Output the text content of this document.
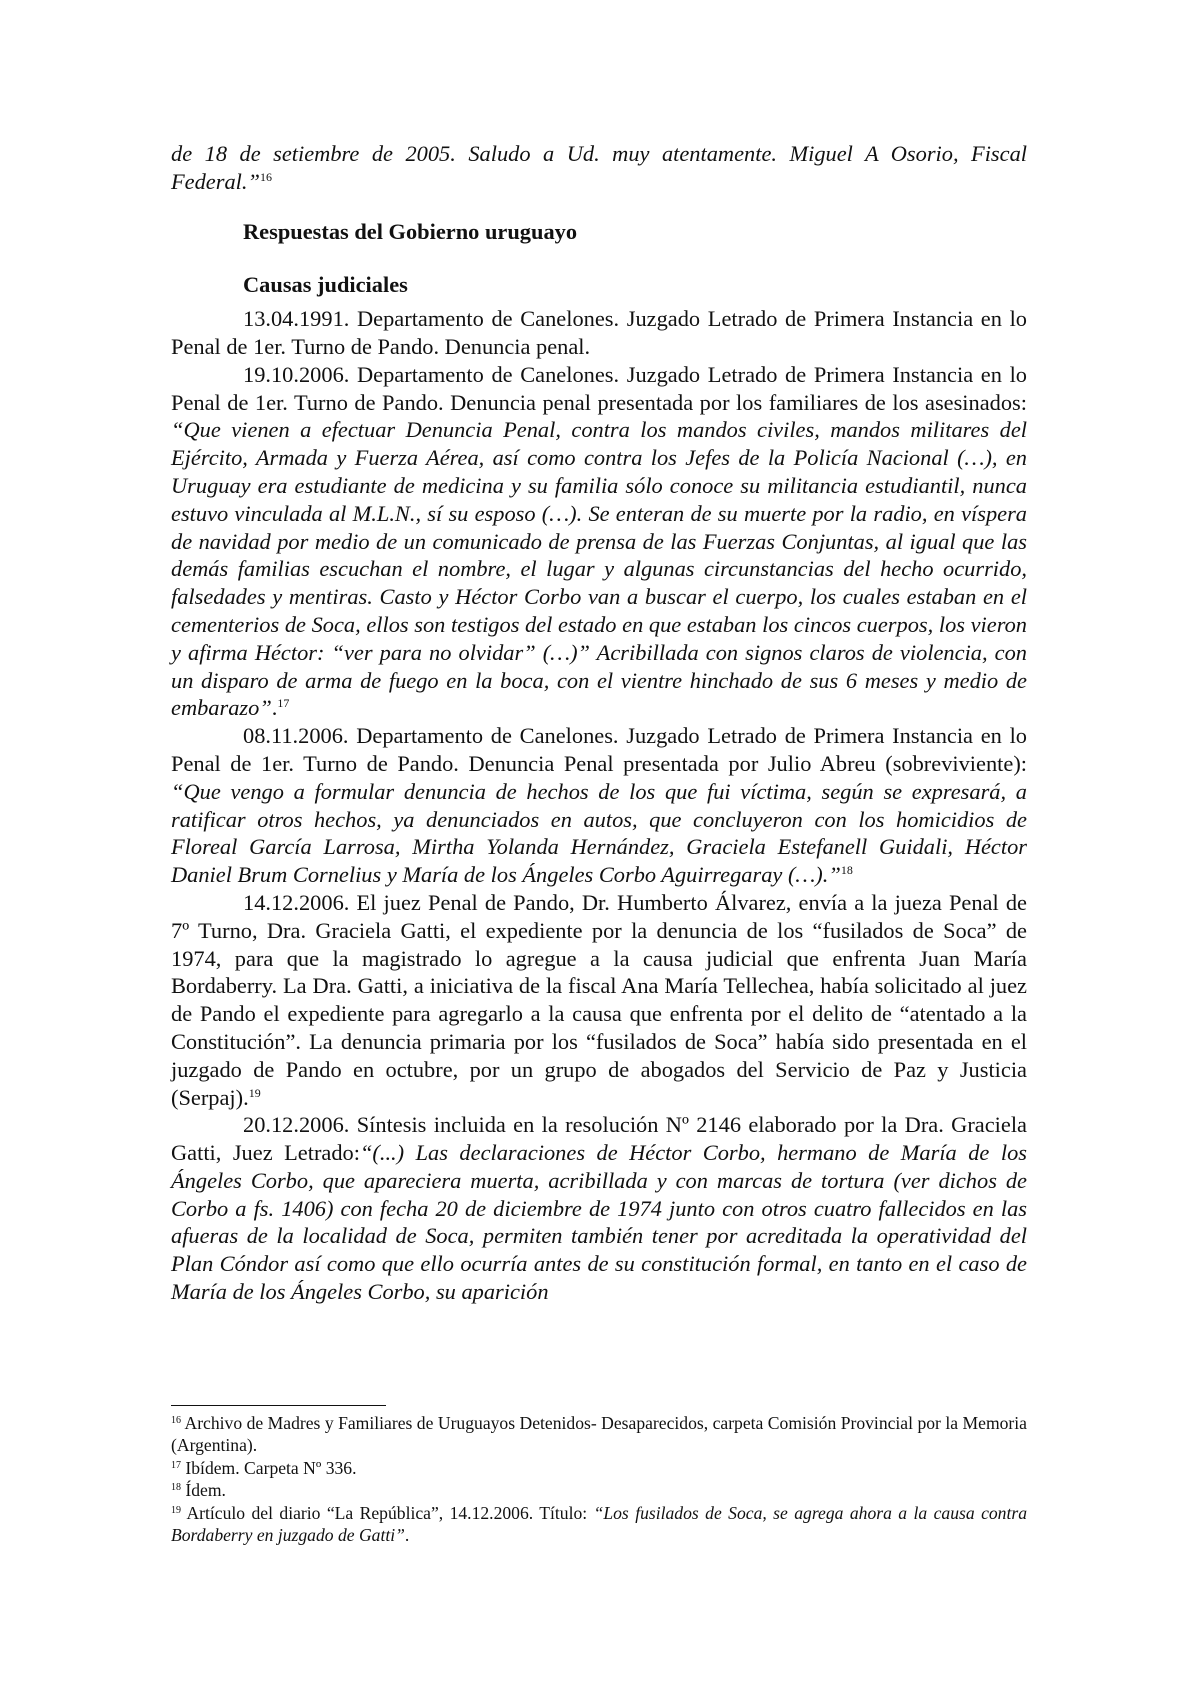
de 18 de setiembre de 2005. Saludo a Ud. muy atentamente. Miguel A Osorio, Fiscal Federal.”$^{16}$

Respuestas del Gobierno uruguayo
Causas judiciales

13.04.1991. Departamento de Canelones. Juzgado Letrado de Primera Instancia en lo Penal de 1er. Turno de Pando. Denuncia penal.

19.10.2006. Departamento de Canelones. Juzgado Letrado de Primera Instancia en lo Penal de 1er. Turno de Pando. Denuncia penal presentada por los familiares de los asesinados: “Que vienen a efectuar Denuncia Penal, contra los mandos civiles, mandos militares del Ejército, Armada y Fuerza Aérea, así como contra los Jefes de la Policía Nacional (…), en Uruguay era estudiante de medicina y su familia sólo conoce su militancia estudiantil, nunca estuvo vinculada al M.L.N., sí su esposo (…). Se enteran de su muerte por la radio, en víspera de navidad por medio de un comunicado de prensa de las Fuerzas Conjuntas, al igual que las demás familias escuchan el nombre, el lugar y algunas circunstancias del hecho ocurrido, falsedades y mentiras. Casto y Héctor Corbo van a buscar el cuerpo, los cuales estaban en el cementerios de Soca, ellos son testigos del estado en que estaban los cincos cuerpos, los vieron y afirma Héctor: “ver para no olvidar” (…)” Acribillada con signos claros de violencia, con un disparo de arma de fuego en la boca, con el vientre hinchado de sus 6 meses y medio de embarazo”.$^{17}$

08.11.2006. Departamento de Canelones. Juzgado Letrado de Primera Instancia en lo Penal de 1er. Turno de Pando. Denuncia Penal presentada por Julio Abreu (sobreviviente): “Que vengo a formular denuncia de hechos de los que fui víctima, según se expresará, a ratificar otros hechos, ya denunciados en autos, que concluyeron con los homicidios de Floreal García Larrosa, Mirtha Yolanda Hernández, Graciela Estefanell Guidali, Héctor Daniel Brum Cornelius y María de los Ángeles Corbo Aguirregaray (…).”$^{18}$

14.12.2006. El juez Penal de Pando, Dr. Humberto Álvarez, envía a la jueza Penal de 7º Turno, Dra. Graciela Gatti, el expediente por la denuncia de los “fusilados de Soca” de 1974, para que la magistrado lo agregue a la causa judicial que enfrenta Juan María Bordaberry. La Dra. Gatti, a iniciativa de la fiscal Ana María Tellechea, había solicitado al juez de Pando el expediente para agregarlo a la causa que enfrenta por el delito de “atentado a la Constitución”. La denuncia primaria por los “fusilados de Soca” había sido presentada en el juzgado de Pando en octubre, por un grupo de abogados del Servicio de Paz y Justicia (Serpaj).$^{19}$

20.12.2006. Síntesis incluida en la resolución Nº 2146 elaborado por la Dra. Graciela Gatti, Juez Letrado:“(...) Las declaraciones de Héctor Corbo, hermano de María de los Ángeles Corbo, que apareciera muerta, acribillada y con marcas de tortura (ver dichos de Corbo a fs. 1406) con fecha 20 de diciembre de 1974 junto con otros cuatro fallecidos en las afueras de la localidad de Soca, permiten también tener por acreditada la operatividad del Plan Cóndor así como que ello ocurría antes de su constitución formal, en tanto en el caso de María de los Ángeles Corbo, su aparición

$^{16}$ Archivo de Madres y Familiares de Uruguayos Detenidos- Desaparecidos, carpeta Comisión Provincial por la Memoria (Argentina).

$^{17}$ Ibídem. Carpeta Nº 336.

$^{18}$ Ídem.

$^{19}$ Artículo del diario “La República”, 14.12.2006. Título: “Los fusilados de Soca, se agrega ahora a la causa contra Bordaberry en juzgado de Gatti”.
